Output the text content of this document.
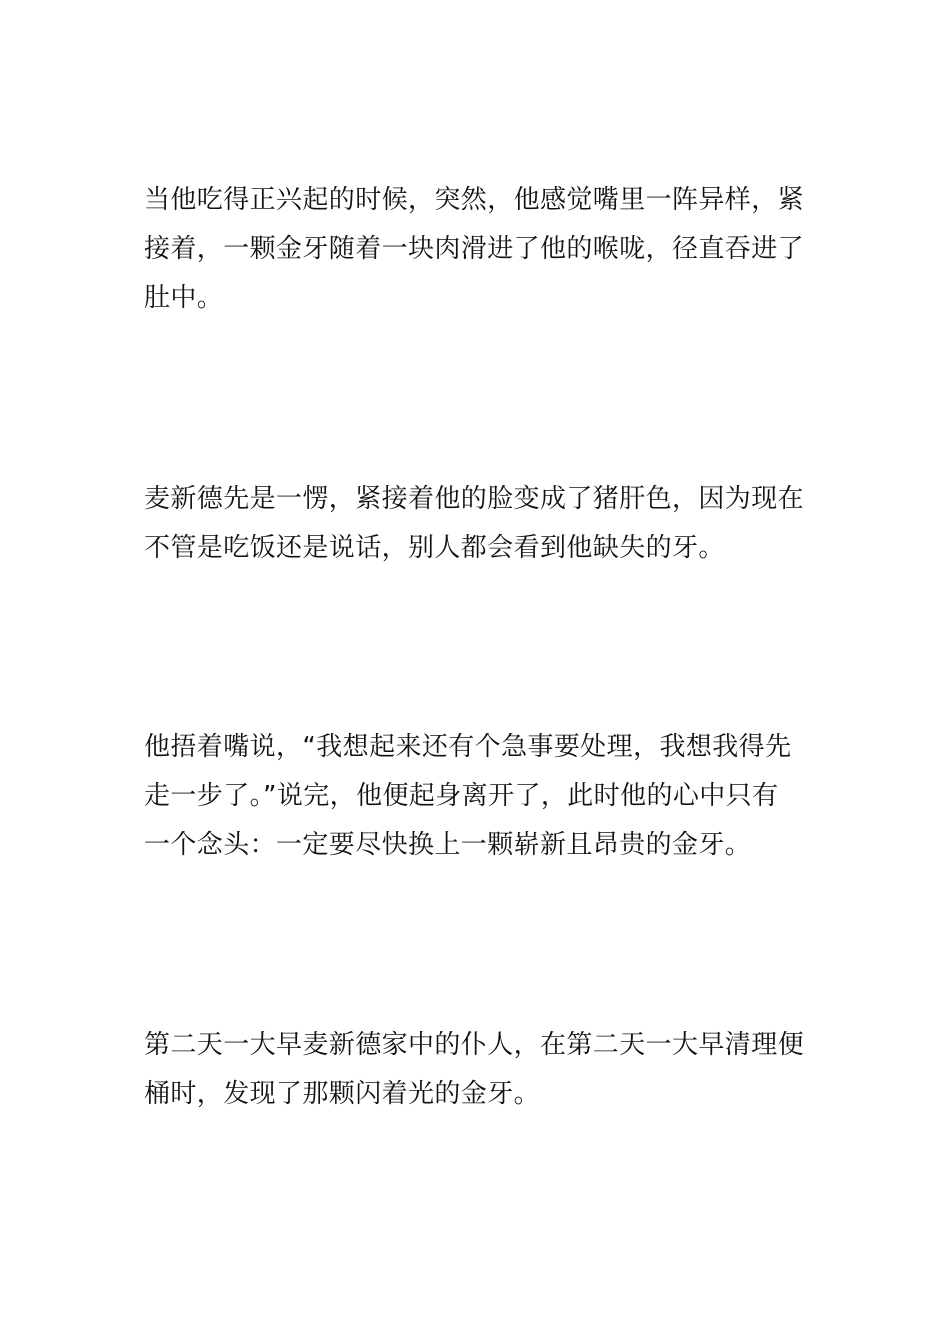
当他吃得正兴起的时候，突然，他感觉嘴里一阵异样，紧
接着，一颗金牙随着一块肉滑进了他的喉咙，径直吞进了
肚中。

麦新德先是一愣，紧接着他的脸变成了猪肝色，因为现在
不管是吃饭还是说话，别人都会看到他缺失的牙。

他捂着嘴说，“我想起来还有个急事要处理，我想我得先
走一步了。”说完，他便起身离开了，此时他的心中只有
一个念头：一定要尽快换上一颗崭新且昂贵的金牙。

第二天一大早麦新德家中的仆人，在第二天一大早清理便
桶时，发现了那颗闪着光的金牙。
